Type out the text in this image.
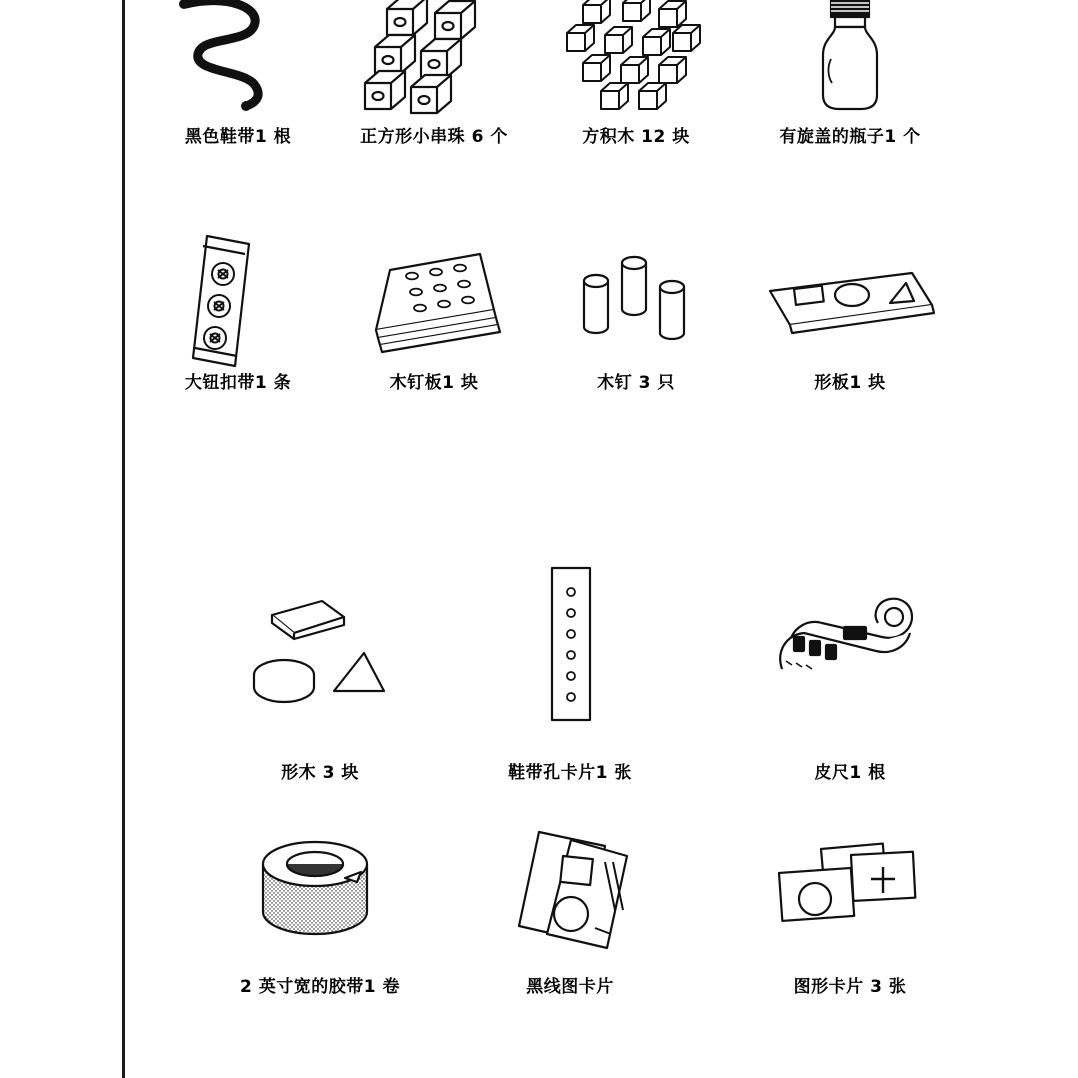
黑色鞋带1 根	正方形小串珠 6 个	方积木 12 块	有旋盖的瓶子1 个
大钮扣带1 条	木钉板1 块	木钉 3 只	形板1 块
形木 3 块	鞋带孔卡片1 张	皮尺1 根
2 英寸宽的胶带1 卷	黑线图卡片	图形卡片 3 张
